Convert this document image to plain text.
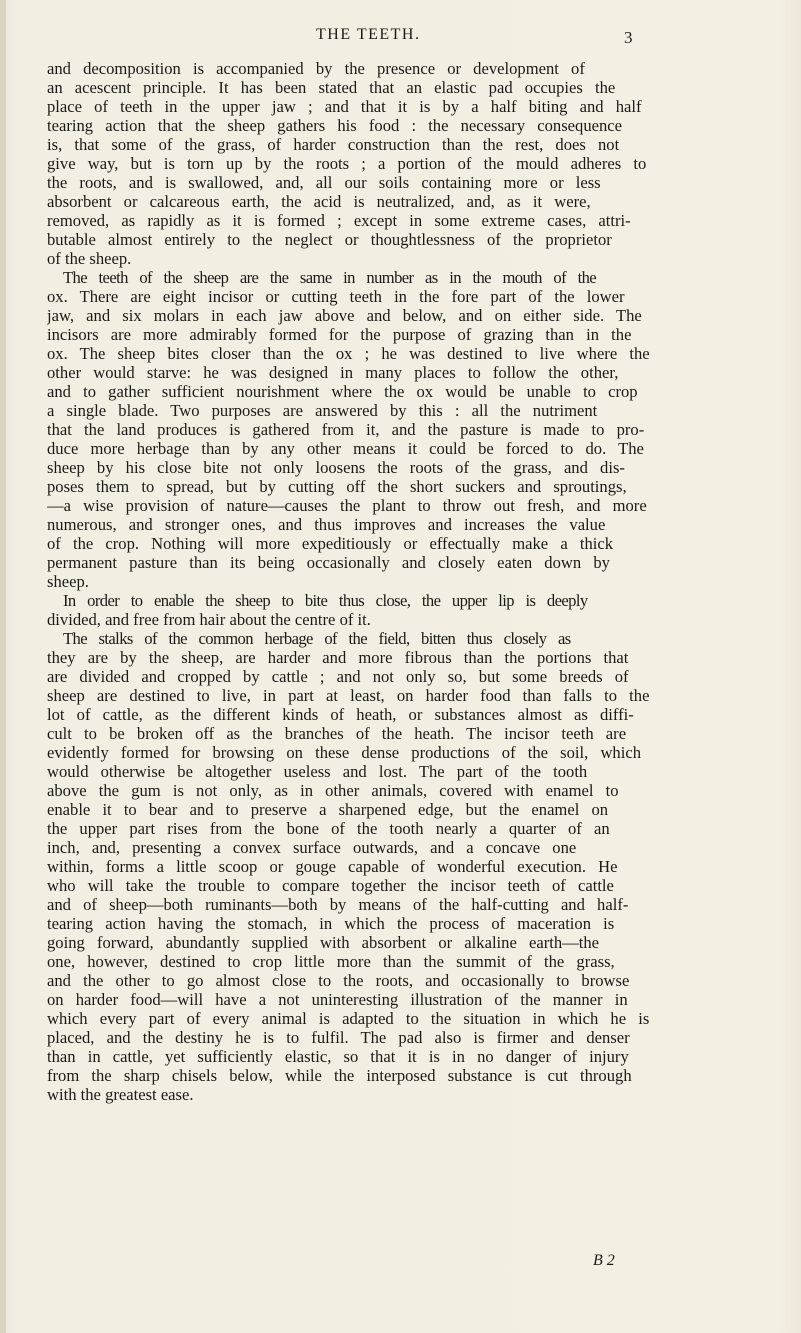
THE TEETH.	3
and decomposition is accompanied by the presence or development of
an acescent principle. It has been stated that an elastic pad occupies the
place of teeth in the upper jaw ; and that it is by a half biting and half
tearing action that the sheep gathers his food : the necessary consequence
is, that some of the grass, of harder construction than the rest, does not
give way, but is torn up by the roots ; a portion of the mould adheres to
the roots, and is swallowed, and, all our soils containing more or less
absorbent or calcareous earth, the acid is neutralized, and, as it were,
removed, as rapidly as it is formed ; except in some extreme cases, attri-
butable almost entirely to the neglect or thoughtlessness of the proprietor
of the sheep.
The teeth of the sheep are the same in number as in the mouth of the
ox. There are eight incisor or cutting teeth in the fore part of the lower
jaw, and six molars in each jaw above and below, and on either side. The
incisors are more admirably formed for the purpose of grazing than in the
ox. The sheep bites closer than the ox ; he was destined to live where the
other would starve: he was designed in many places to follow the other,
and to gather sufficient nourishment where the ox would be unable to crop
a single blade. Two purposes are answered by this : all the nutriment
that the land produces is gathered from it, and the pasture is made to pro-
duce more herbage than by any other means it could be forced to do. The
sheep by his close bite not only loosens the roots of the grass, and dis-
poses them to spread, but by cutting off the short suckers and sproutings,
—a wise provision of nature—causes the plant to throw out fresh, and more
numerous, and stronger ones, and thus improves and increases the value
of the crop. Nothing will more expeditiously or effectually make a thick
permanent pasture than its being occasionally and closely eaten down by
sheep.
In order to enable the sheep to bite thus close, the upper lip is deeply
divided, and free from hair about the centre of it.
The stalks of the common herbage of the field, bitten thus closely as
they are by the sheep, are harder and more fibrous than the portions that
are divided and cropped by cattle ; and not only so, but some breeds of
sheep are destined to live, in part at least, on harder food than falls to the
lot of cattle, as the different kinds of heath, or substances almost as diffi-
cult to be broken off as the branches of the heath. The incisor teeth are
evidently formed for browsing on these dense productions of the soil, which
would otherwise be altogether useless and lost. The part of the tooth
above the gum is not only, as in other animals, covered with enamel to
enable it to bear and to preserve a sharpened edge, but the enamel on
the upper part rises from the bone of the tooth nearly a quarter of an
inch, and, presenting a convex surface outwards, and a concave one
within, forms a little scoop or gouge capable of wonderful execution. He
who will take the trouble to compare together the incisor teeth of cattle
and of sheep—both ruminants—both by means of the half-cutting and half-
tearing action having the stomach, in which the process of maceration is
going forward, abundantly supplied with absorbent or alkaline earth—the
one, however, destined to crop little more than the summit of the grass,
and the other to go almost close to the roots, and occasionally to browse
on harder food—will have a not uninteresting illustration of the manner in
which every part of every animal is adapted to the situation in which he is
placed, and the destiny he is to fulfil. The pad also is firmer and denser
than in cattle, yet sufficiently elastic, so that it is in no danger of injury
from the sharp chisels below, while the interposed substance is cut through
with the greatest ease.
B 2
